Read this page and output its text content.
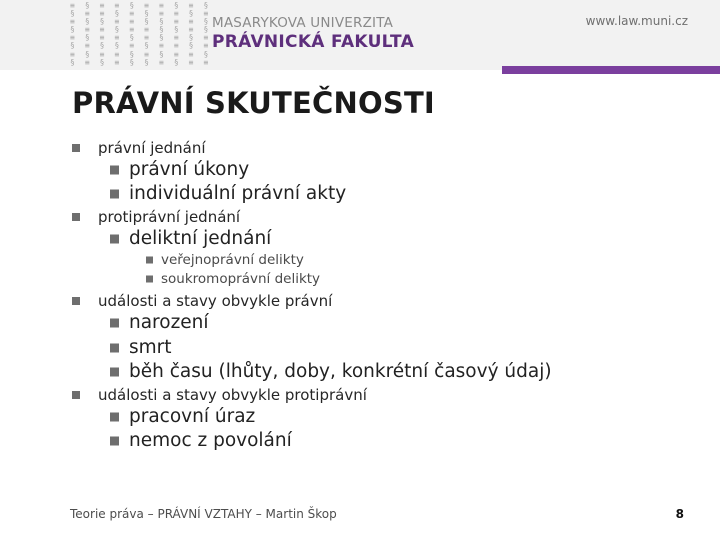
≡ § ≡ ≡ § ≡ ≡ § ≡ §
§ ≡ ≡ § ≡ § ≡ ≡ § ≡
≡ § § ≡ ≡ § § ≡ ≡ §
§ ≡ ≡ § ≡ ≡ § § ≡ §
≡ § ≡ ≡ § ≡ § ≡ § ≡
§ ≡ § § ≡ § ≡ ≡ § ≡
≡ § ≡ ≡ § ≡ § ≡ ≡ §
§ ≡ § ≡ § § ≡ § ≡ ≡
MASARYKOVA UNIVERZITA
PRÁVNICKÁ FAKULTA
www.law.muni.cz
PRÁVNÍ SKUTEČNOSTI
právní jednání
právní úkony
individuální právní akty
protiprávní jednání
deliktní jednání
veřejnoprávní delikty
soukromoprávní delikty
události a stavy obvykle právní
narození
smrt
běh času (lhůty, doby, konkrétní časový údaj)
události a stavy obvykle protiprávní
pracovní úraz
nemoc z povolání
Teorie práva – PRÁVNÍ VZTAHY – Martin Škop	8
